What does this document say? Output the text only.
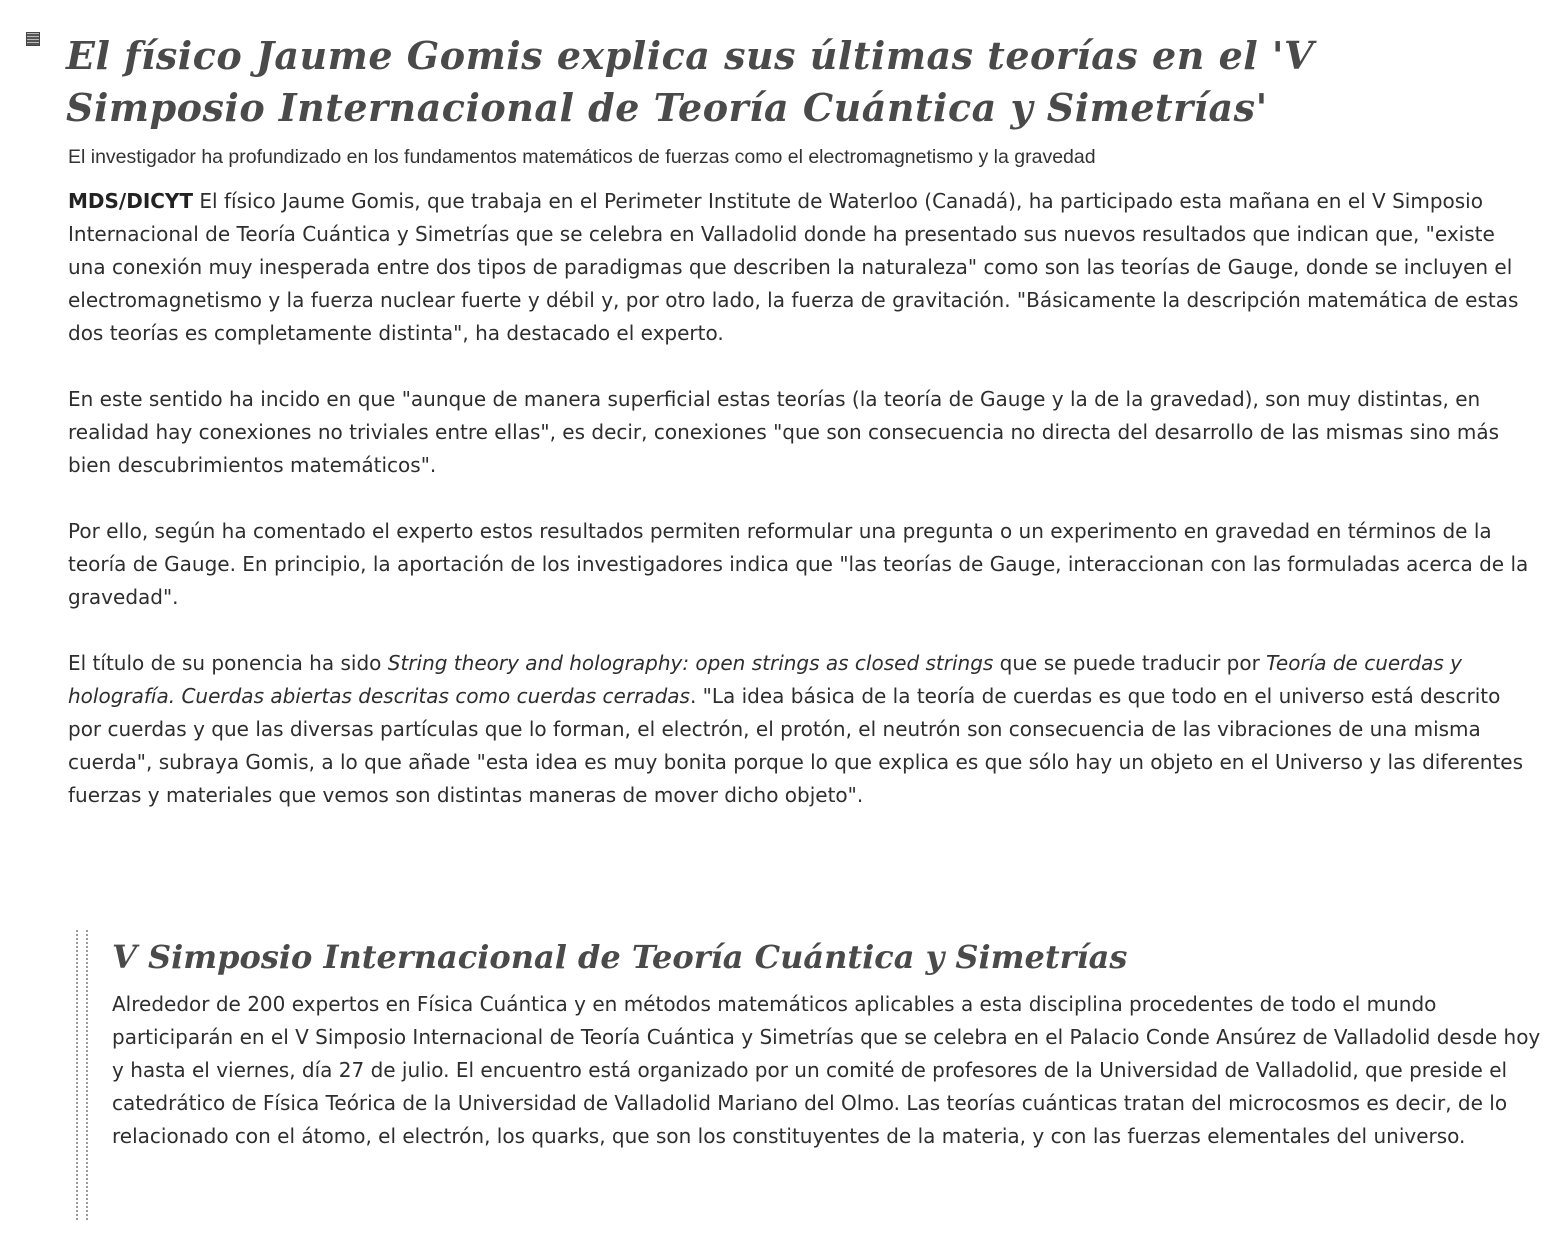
El físico Jaume Gomis explica sus últimas teorías en el 'V Simposio Internacional de Teoría Cuántica y Simetrías'

El investigador ha profundizado en los fundamentos matemáticos de fuerzas como el electromagnetismo y la gravedad

MDS/DICYT El físico Jaume Gomis, que trabaja en el Perimeter Institute de Waterloo (Canadá), ha participado esta mañana en el V Simposio Internacional de Teoría Cuántica y Simetrías que se celebra en Valladolid donde ha presentado sus nuevos resultados que indican que, "existe una conexión muy inesperada entre dos tipos de paradigmas que describen la naturaleza" como son las teorías de Gauge, donde se incluyen el electromagnetismo y la fuerza nuclear fuerte y débil y, por otro lado, la fuerza de gravitación. "Básicamente la descripción matemática de estas dos teorías es completamente distinta", ha destacado el experto.

En este sentido ha incido en que "aunque de manera superficial estas teorías (la teoría de Gauge y la de la gravedad), son muy distintas, en realidad hay conexiones no triviales entre ellas", es decir, conexiones "que son consecuencia no directa del desarrollo de las mismas sino más bien descubrimientos matemáticos".

Por ello, según ha comentado el experto estos resultados permiten reformular una pregunta o un experimento en gravedad en términos de la teoría de Gauge. En principio, la aportación de los investigadores indica que "las teorías de Gauge, interaccionan con las formuladas acerca de la gravedad".

El título de su ponencia ha sido String theory and holography: open strings as closed strings que se puede traducir por Teoría de cuerdas y holografía. Cuerdas abiertas descritas como cuerdas cerradas. "La idea básica de la teoría de cuerdas es que todo en el universo está descrito por cuerdas y que las diversas partículas que lo forman, el electrón, el protón, el neutrón son consecuencia de las vibraciones de una misma cuerda", subraya Gomis, a lo que añade "esta idea es muy bonita porque lo que explica es que sólo hay un objeto en el Universo y las diferentes fuerzas y materiales que vemos son distintas maneras de mover dicho objeto".

V Simposio Internacional de Teoría Cuántica y Simetrías

Alrededor de 200 expertos en Física Cuántica y en métodos matemáticos aplicables a esta disciplina procedentes de todo el mundo participarán en el V Simposio Internacional de Teoría Cuántica y Simetrías que se celebra en el Palacio Conde Ansúrez de Valladolid desde hoy y hasta el viernes, día 27 de julio. El encuentro está organizado por un comité de profesores de la Universidad de Valladolid, que preside el catedrático de Física Teórica de la Universidad de Valladolid Mariano del Olmo. Las teorías cuánticas tratan del microcosmos es decir, de lo relacionado con el átomo, el electrón, los quarks, que son los constituyentes de la materia, y con las fuerzas elementales del universo.
